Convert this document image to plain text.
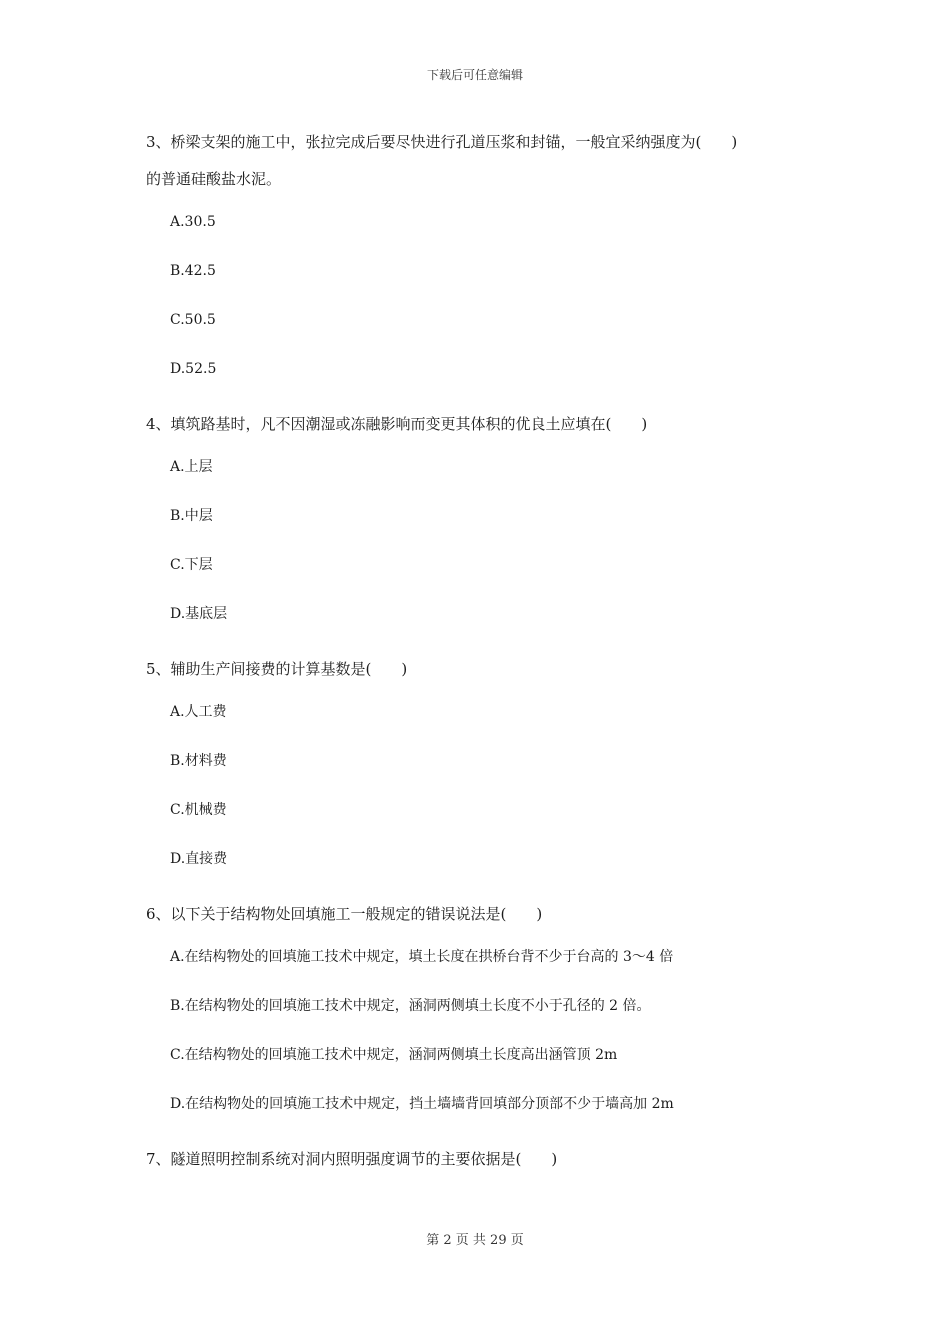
下载后可任意编辑
3、桥梁支架的施工中，张拉完成后要尽快进行孔道压浆和封锚，一般宜采纳强度为(　　)
的普通硅酸盐水泥。
A.30.5
B.42.5
C.50.5
D.52.5
4、填筑路基时，凡不因潮湿或冻融影响而变更其体积的优良土应填在(　　)
A.上层
B.中层
C.下层
D.基底层
5、辅助生产间接费的计算基数是(　　)
A.人工费
B.材料费
C.机械费
D.直接费
6、以下关于结构物处回填施工一般规定的错误说法是(　　)
A.在结构物处的回填施工技术中规定，填土长度在拱桥台背不少于台高的 3～4 倍
B.在结构物处的回填施工技术中规定，涵洞两侧填土长度不小于孔径的 2 倍。
C.在结构物处的回填施工技术中规定，涵洞两侧填土长度高出涵管顶 2m
D.在结构物处的回填施工技术中规定，挡土墙墙背回填部分顶部不少于墙高加 2m
7、隧道照明控制系统对洞内照明强度调节的主要依据是(　　)
第 2 页 共 29 页
